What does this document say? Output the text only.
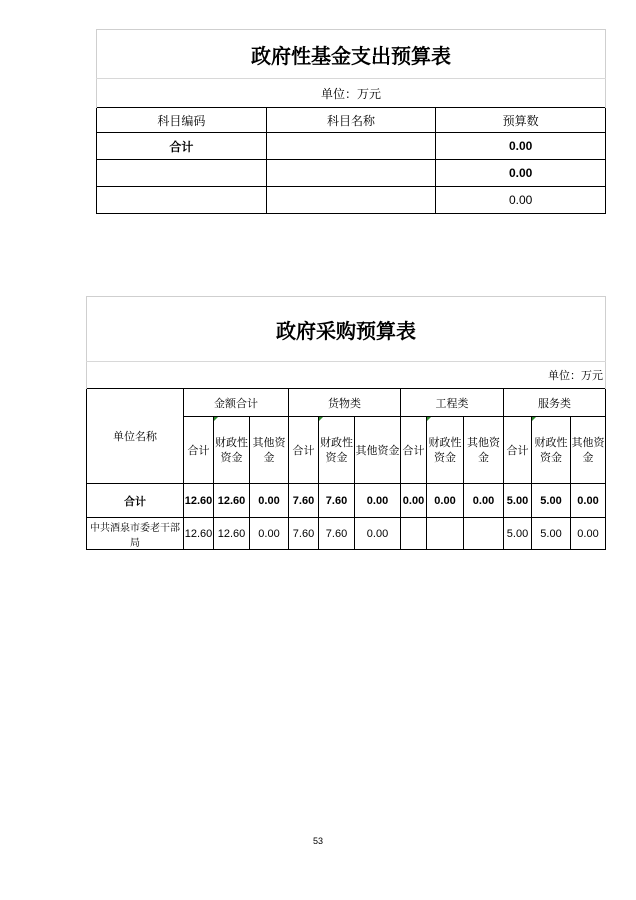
政府性基金支出预算表		
单位：万元		
科目编码	科目名称	预算数
合计		0.00
		0.00
		0.00
政府采购预算表												
单位：万元												
单位名称	金额合计			货物类			工程类			服务类		
	合计	财政性资金	其他资金	合计	财政性资金	其他资金	合计	财政性资金	其他资金	合计	财政性资金	其他资金
合计	12.60	12.60	0.00	7.60	7.60	0.00	0.00	0.00	0.00	5.00	5.00	0.00
中共酒泉市委老干部局	12.60	12.60	0.00	7.60	7.60	0.00				5.00	5.00	0.00
53
